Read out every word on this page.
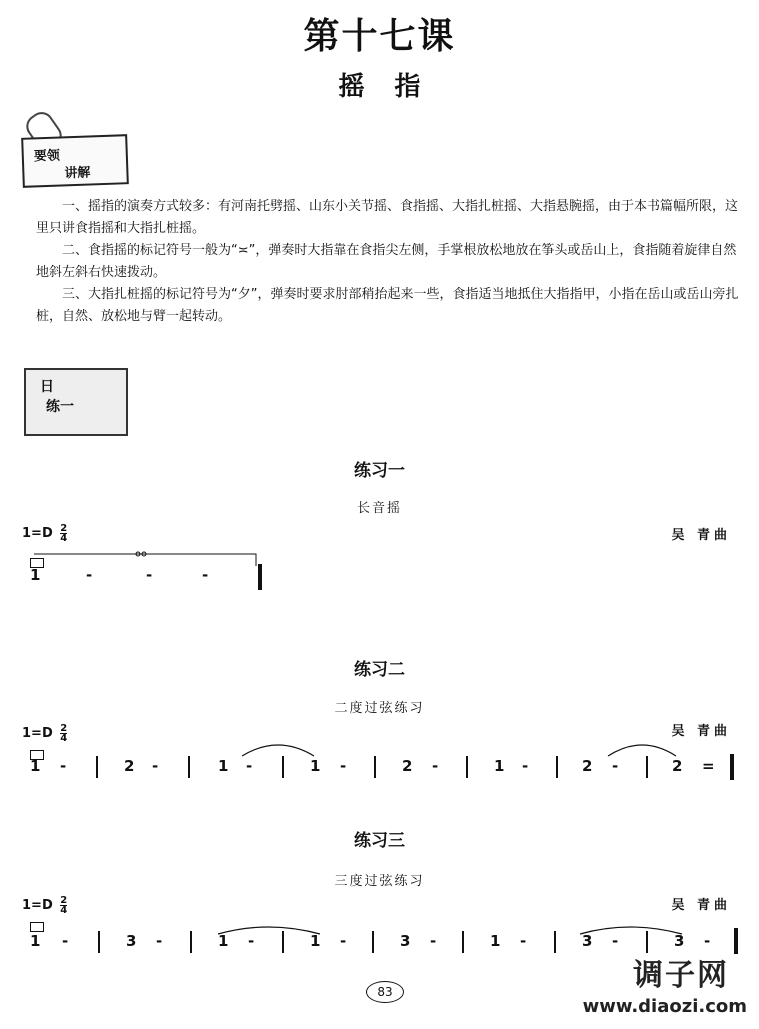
第十七课
摇指
要领
讲解
一、摇指的演奏方式较多：有河南托劈摇、山东小关节摇、食指摇、大指扎桩摇、大指悬腕摇，由于本书篇幅所限，这里只讲食指摇和大指扎桩摇。
二、食指摇的标记符号一般为“≍”，弹奏时大指靠在食指尖左侧，手掌根放松地放在筝头或岳山上，食指随着旋律自然地斜左斜右快速拨动。
三、大指扎桩摇的标记符号为“夕”，弹奏时要求肘部稍抬起来一些，食指适当地抵住大指指甲，小指在岳山或岳山旁扎桩，自然、放松地与臂一起转动。
日
练一
练习一
长音摇
$1=D \frac{2}{4}$	吴 青曲
1	-	-	-
练习二
二度过弦练习
$1=D \frac{2}{4}$	吴 青曲
1 -	2 -	1 -	1 -	2 -	1 -	2 -	2 =
练习三
三度过弦练习
$1=D \frac{2}{4}$	吴 青曲
1 -	3 -	1 -	1 -	3 -	1 -	3 -	3 -
83	调子网
www.diaozi.com
